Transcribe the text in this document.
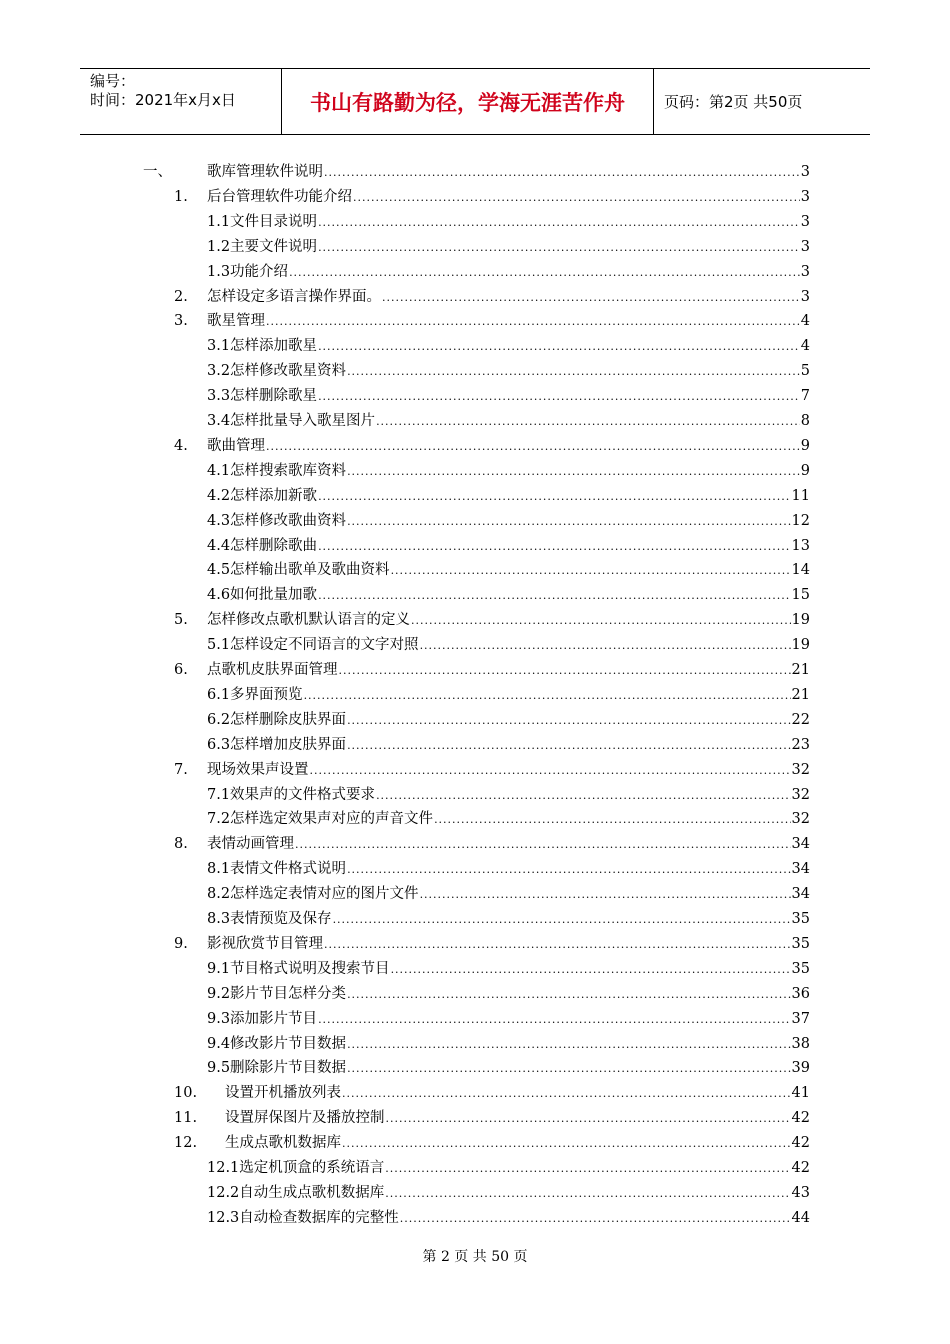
编号：
时间：2021年x月x日	书山有路勤为径，学海无涯苦作舟	页码：第2页 共50页
一、 歌库管理软件说明 .....	3
1. 后台管理软件功能介绍 .....	3
1.1文件目录说明 .....	3
1.2主要文件说明 .....	3
1.3功能介绍 .....	3
2. 怎样设定多语言操作界面。 .....	3
3. 歌星管理 .....	4
3.1怎样添加歌星 .....	4
3.2怎样修改歌星资料 .....	5
3.3怎样删除歌星 .....	7
3.4怎样批量导入歌星图片 .....	8
4. 歌曲管理 .....	9
4.1怎样搜索歌库资料 .....	9
4.2怎样添加新歌 .....	11
4.3怎样修改歌曲资料 .....	12
4.4怎样删除歌曲 .....	13
4.5怎样输出歌单及歌曲资料 .....	14
4.6如何批量加歌 .....	15
5. 怎样修改点歌机默认语言的定义 .....	19
5.1怎样设定不同语言的文字对照 .....	19
6. 点歌机皮肤界面管理 .....	21
6.1多界面预览 .....	21
6.2怎样删除皮肤界面 .....	22
6.3怎样增加皮肤界面 .....	23
7. 现场效果声设置 .....	32
7.1效果声的文件格式要求 .....	32
7.2怎样选定效果声对应的声音文件 .....	32
8. 表情动画管理 .....	34
8.1表情文件格式说明 .....	34
8.2怎样选定表情对应的图片文件 .....	34
8.3表情预览及保存 .....	35
9. 影视欣赏节目管理 .....	35
9.1节目格式说明及搜索节目 .....	35
9.2影片节目怎样分类 .....	36
9.3添加影片节目 .....	37
9.4修改影片节目数据 .....	38
9.5删除影片节目数据 .....	39
10. 设置开机播放列表 .....	41
11. 设置屏保图片及播放控制 .....	42
12. 生成点歌机数据库 .....	42
12.1选定机顶盒的系统语言 .....	42
12.2自动生成点歌机数据库 .....	43
12.3自动检查数据库的完整性 .....	44
第 2 页 共 50 页
